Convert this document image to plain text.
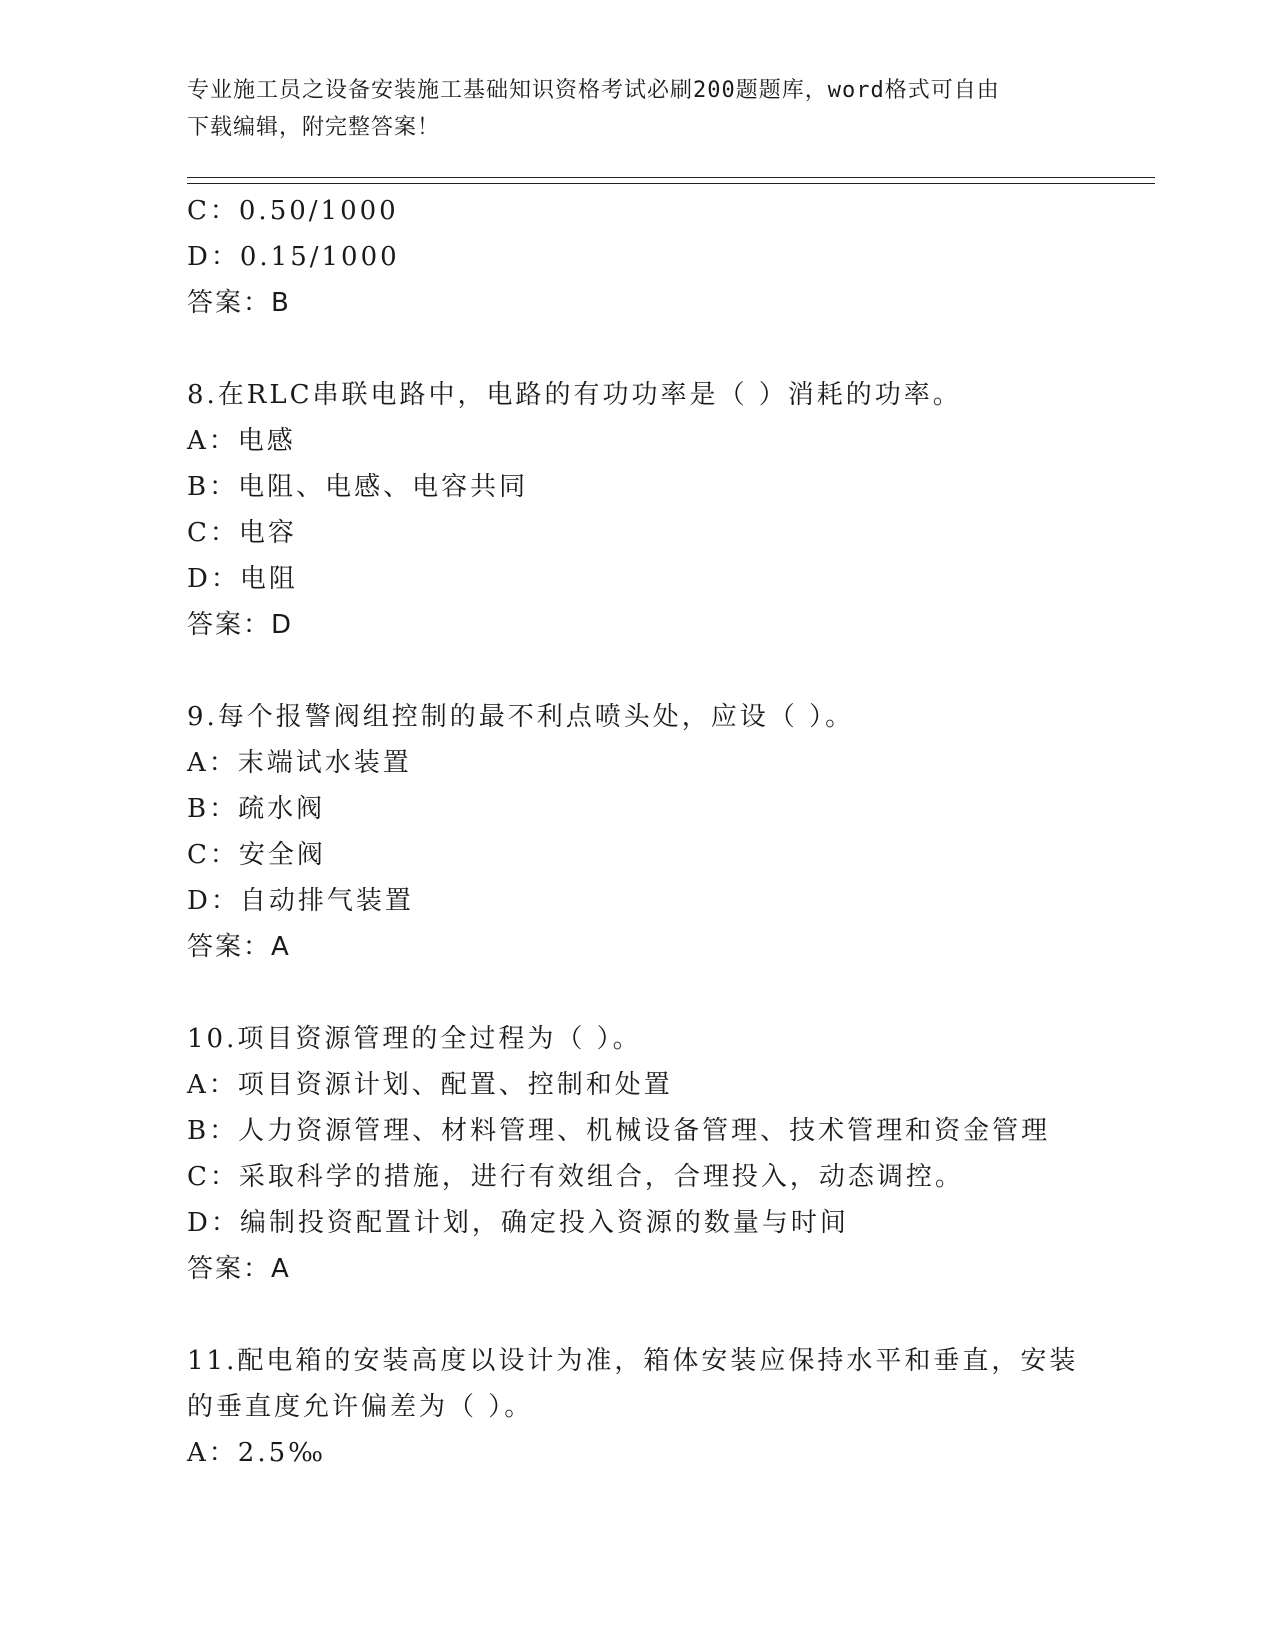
专业施工员之设备安装施工基础知识资格考试必刷200题题库，word格式可自由
下载编辑，附完整答案！
C：0.50/1000
D：0.15/1000
答案：B
8.在RLC串联电路中，电路的有功功率是（ ）消耗的功率。
A：电感
B：电阻、电感、电容共同
C：电容
D：电阻
答案：D
9.每个报警阀组控制的最不利点喷头处，应设（ ）。
A：末端试水装置
B：疏水阀
C：安全阀
D：自动排气装置
答案：A
10.项目资源管理的全过程为（ ）。
A：项目资源计划、配置、控制和处置
B：人力资源管理、材料管理、机械设备管理、技术管理和资金管理
C：采取科学的措施，进行有效组合，合理投入，动态调控。
D：编制投资配置计划，确定投入资源的数量与时间
答案：A
11.配电箱的安装高度以设计为准，箱体安装应保持水平和垂直，安装的垂直度允许偏差为（ ）。
A：2.5‰
